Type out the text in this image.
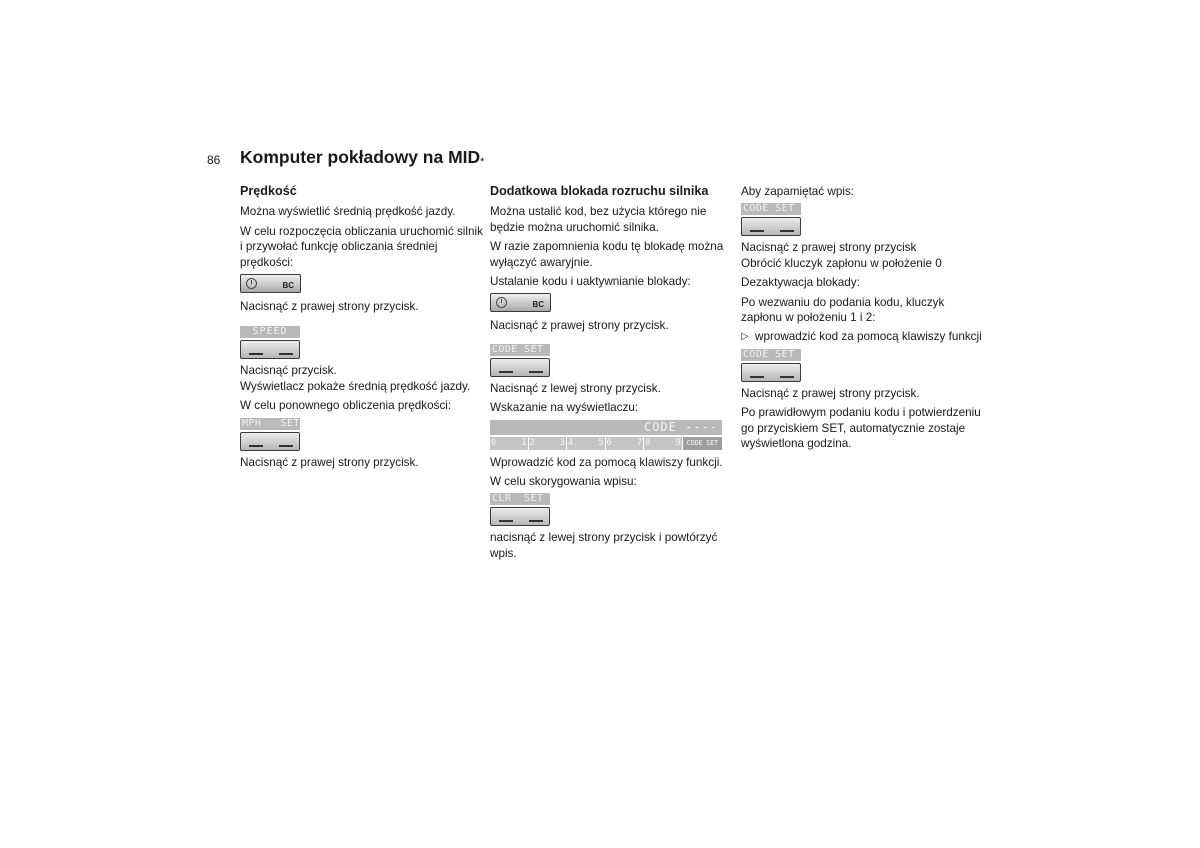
86 Komputer pokładowy na MID*
Prędkość

Można wyświetlić średnią prędkość jazdy.

W celu rozpoczęcia obliczania uruchomić silnik i przywołać funkcję obliczania średniej prędkości:

BC

Nacisnąć z prawej strony przycisk.

SPEED

Nacisnąć przycisk.

Wyświetlacz pokaże średnią prędkość jazdy.

W celu ponownego obliczenia prędkości:

MPH   SET

Nacisnąć z prawej strony przycisk.

Dodatkowa blokada rozruchu silnika

Można ustalić kod, bez użycia którego nie będzie można uruchomić silnika.

W razie zapomnienia kodu tę blokadę można wyłączyć awaryjnie.

Ustalanie kodu i uaktywnianie blokady:

BC

Nacisnąć z prawej strony przycisk.

CODE SET

Nacisnąć z lewej strony przycisk.

Wskazanie na wyświetlaczu:

CODE ----
0	1 2	3 4	5 6	7 8	9 CODE SET

Wprowadzić kod za pomocą klawiszy funkcji.

W celu skorygowania wpisu:

CLR  SET

nacisnąć z lewej strony przycisk i powtórzyć wpis.

Aby zapamiętać wpis:

CODE SET

Nacisnąć z prawej strony przycisk

Obrócić kluczyk zapłonu w położenie 0

Dezaktywacja blokady:

Po wezwaniu do podania kodu, kluczyk zapłonu w położeniu 1 i 2:

▷ wprowadzić kod za pomocą klawiszy funkcji
CODE SET

Nacisnąć z prawej strony przycisk.

Po prawidłowym podaniu kodu i potwierdzeniu go przyciskiem SET, automatycznie zostaje wyświetlona godzina.
